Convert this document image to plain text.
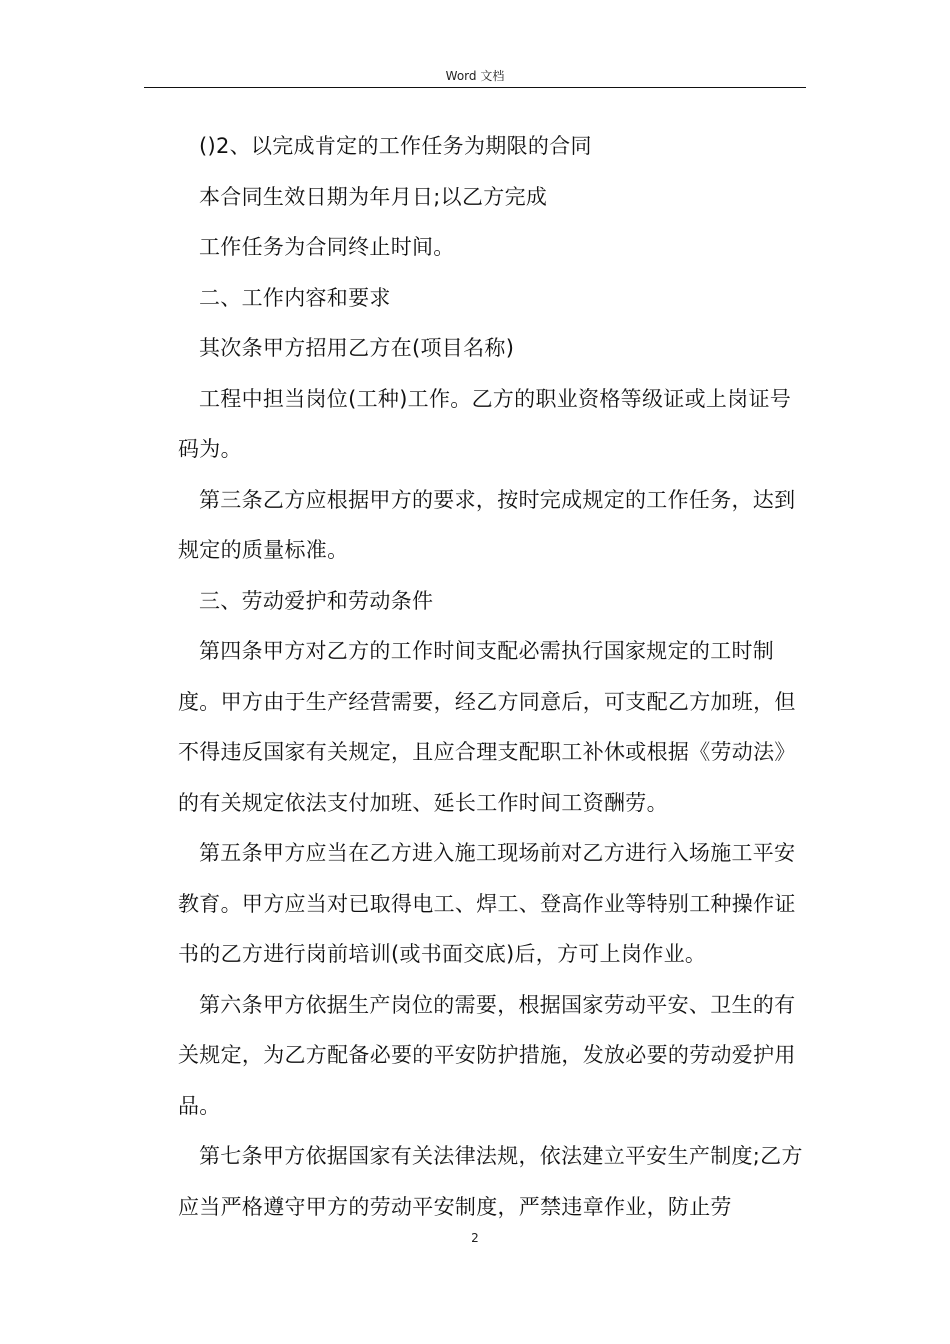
Word 文档

()2、以完成肯定的工作任务为期限的合同

本合同生效日期为年月日;以乙方完成

工作任务为合同终止时间。

二、工作内容和要求

其次条甲方招用乙方在(项目名称)

工程中担当岗位(工种)工作。乙方的职业资格等级证或上岗证号码为。

第三条乙方应根据甲方的要求，按时完成规定的工作任务，达到规定的质量标准。

三、劳动爱护和劳动条件

第四条甲方对乙方的工作时间支配必需执行国家规定的工时制度。甲方由于生产经营需要，经乙方同意后，可支配乙方加班，但不得违反国家有关规定，且应合理支配职工补休或根据《劳动法》的有关规定依法支付加班、延长工作时间工资酬劳。

第五条甲方应当在乙方进入施工现场前对乙方进行入场施工平安教育。甲方应当对已取得电工、焊工、登高作业等特别工种操作证书的乙方进行岗前培训(或书面交底)后，方可上岗作业。

第六条甲方依据生产岗位的需要，根据国家劳动平安、卫生的有关规定，为乙方配备必要的平安防护措施，发放必要的劳动爱护用品。

第七条甲方依据国家有关法律法规，依法建立平安生产制度;乙方应当严格遵守甲方的劳动平安制度，严禁违章作业，防止劳

2
